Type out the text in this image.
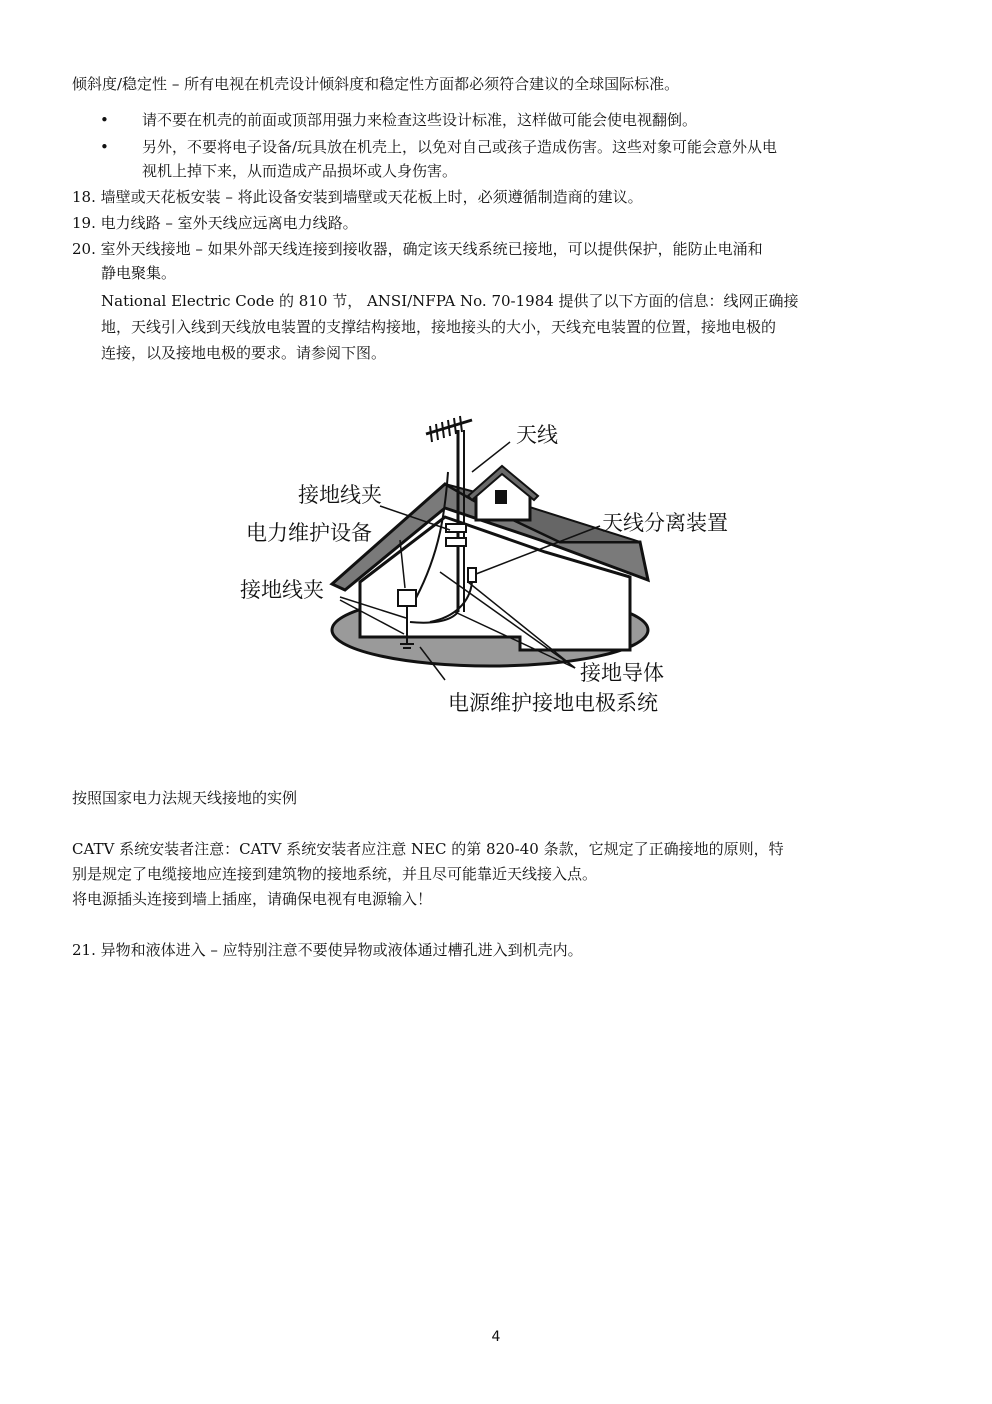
倾斜度/稳定性 – 所有电视在机壳设计倾斜度和稳定性方面都必须符合建议的全球国际标准。
• 请不要在机壳的前面或顶部用强力来检查这些设计标准，这样做可能会使电视翻倒。
• 另外，不要将电子设备/玩具放在机壳上，以免对自己或孩子造成伤害。这些对象可能会意外从电
视机上掉下来，从而造成产品损坏或人身伤害。
18. 墙壁或天花板安装 – 将此设备安装到墙壁或天花板上时，必须遵循制造商的建议。
19. 电力线路 – 室外天线应远离电力线路。
20. 室外天线接地 – 如果外部天线连接到接收器，确定该天线系统已接地，可以提供保护，能防止电涌和
静电聚集。
National Electric Code 的 810 节， ANSI/NFPA No. 70-1984 提供了以下方面的信息：线网正确接
地，天线引入线到天线放电装置的支撑结构接地，接地接头的大小，天线充电装置的位置，接地电极的
连接，以及接地电极的要求。请参阅下图。
天线
接地线夹
电力维护设备	天线分离装置
接地线夹
接地导体
电源维护接地电极系统
按照国家电力法规天线接地的实例
CATV 系统安装者注意：CATV 系统安装者应注意 NEC 的第 820-40 条款，它规定了正确接地的原则，特
别是规定了电缆接地应连接到建筑物的接地系统，并且尽可能靠近天线接入点。
将电源插头连接到墙上插座，请确保电视有电源输入！
21. 异物和液体进入 – 应特别注意不要使异物或液体通过槽孔进入到机壳内。
4
